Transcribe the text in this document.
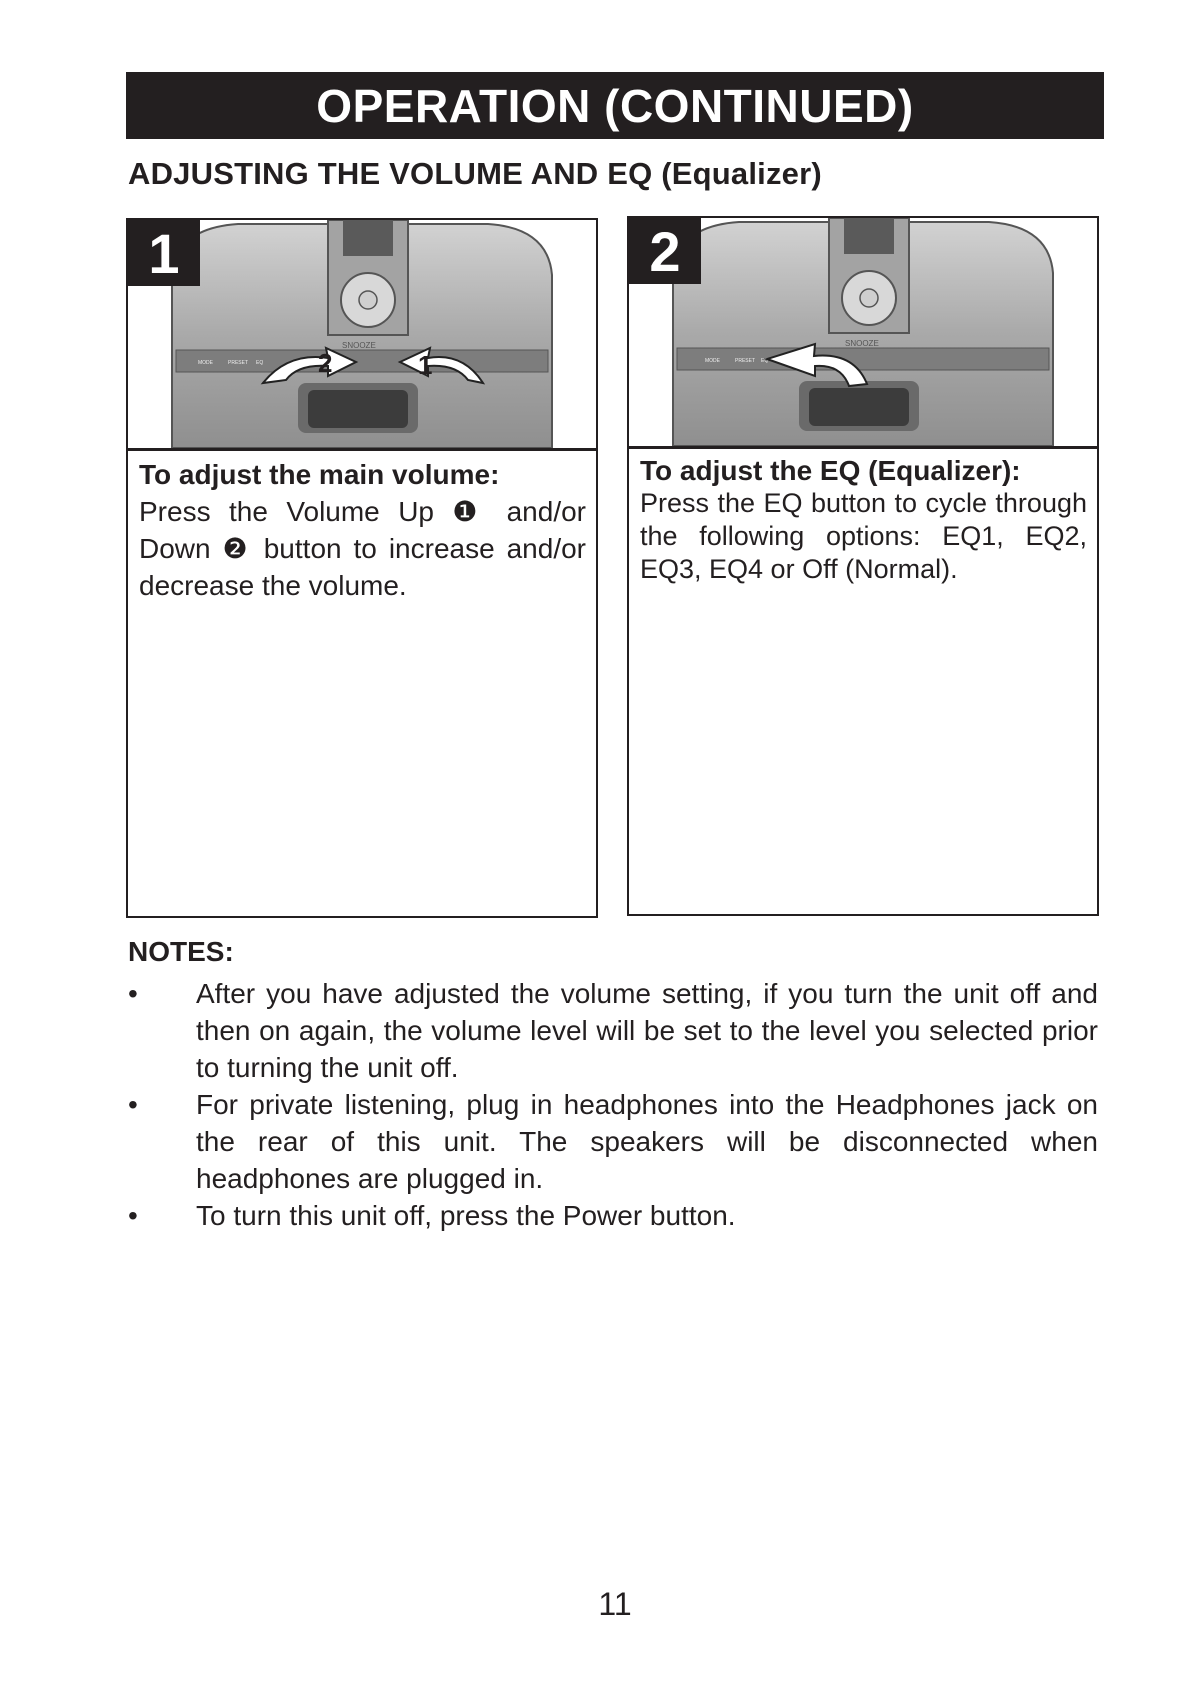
OPERATION (CONTINUED)
ADJUSTING THE VOLUME AND EQ (Equalizer)
SNOOZE
MODE	PRESET EQ 2	1
1
To adjust the main volume:
Press the Volume Up ❶ and/or Down ❷ button to increase and/or decrease the volume.
SNOOZE
MODE	PRESET EQ
2
To adjust the EQ (Equalizer):
Press the EQ button to cycle through the following options: EQ1, EQ2, EQ3, EQ4 or Off (Normal).
NOTES:
• After you have adjusted the volume setting, if you turn the unit off and then on again, the volume level will be set to the level you selected prior to turning the unit off.
• For private listening, plug in headphones into the Headphones jack on the rear of this unit. The speakers will be disconnected when headphones are plugged in.
• To turn this unit off, press the Power button.
11
